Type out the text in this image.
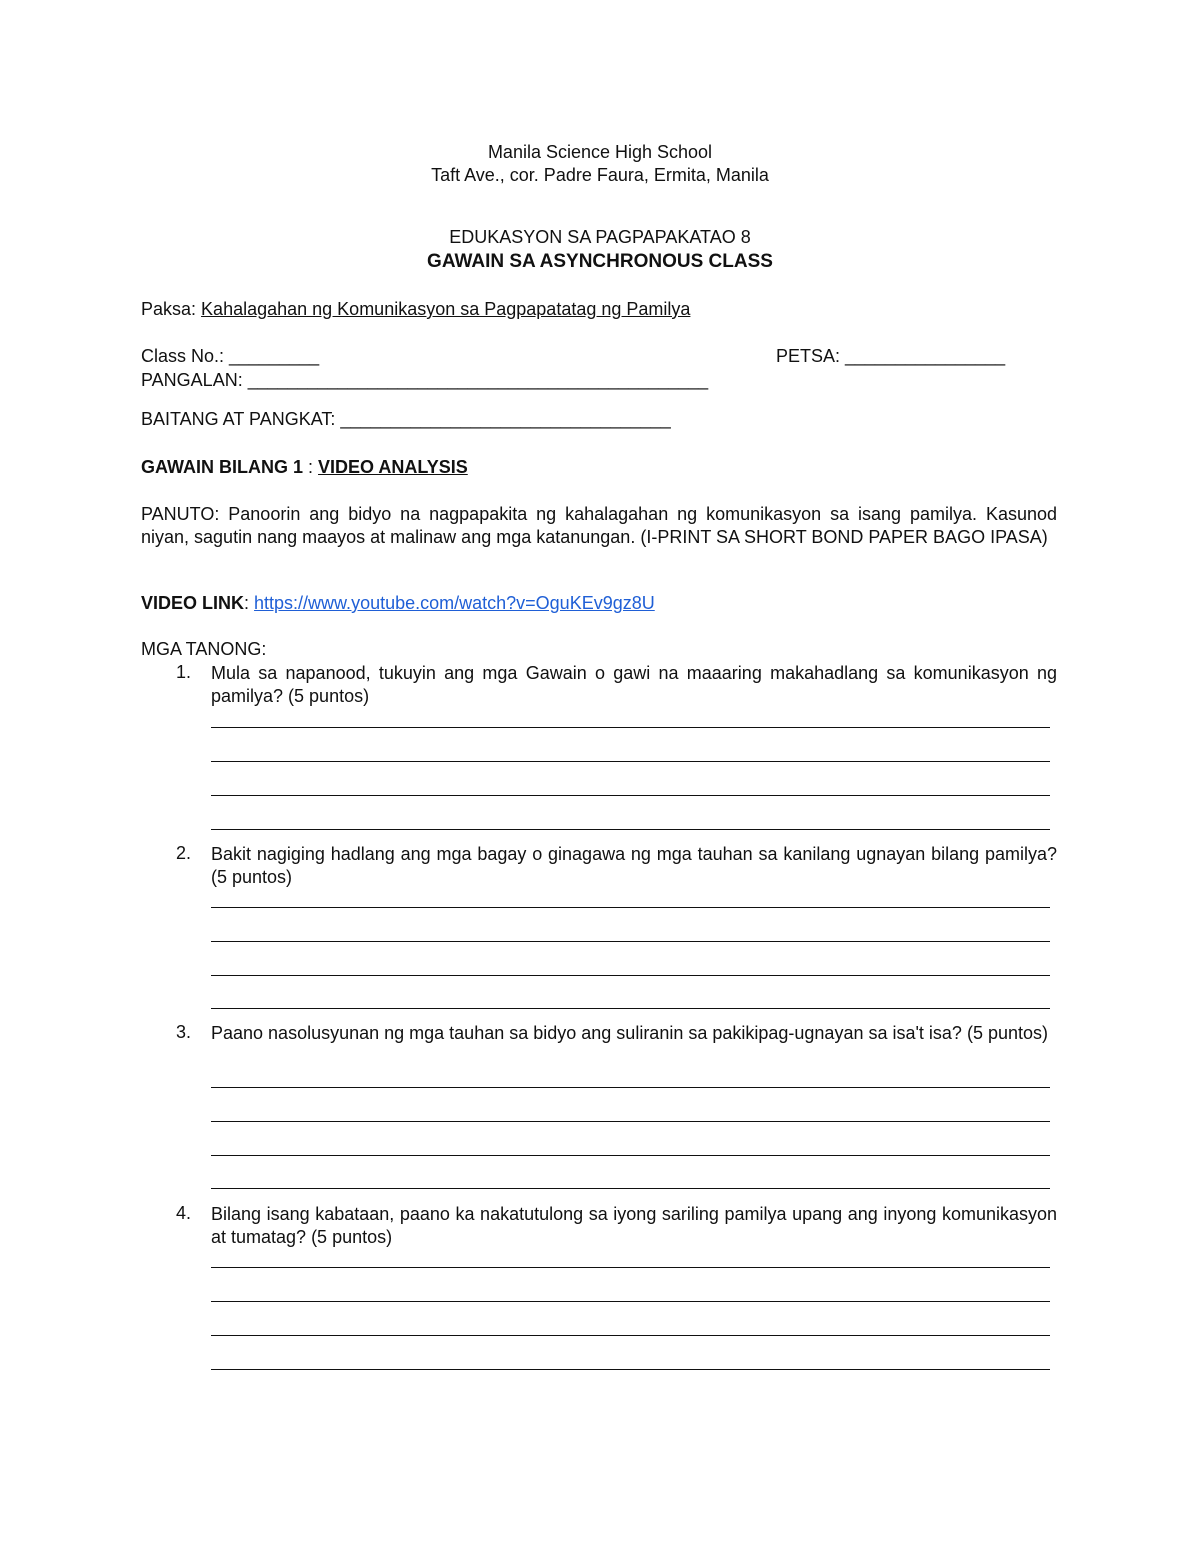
Manila Science High School
Taft Ave., cor. Padre Faura, Ermita, Manila
EDUKASYON SA PAGPAPAKATAO 8
GAWAIN SA ASYNCHRONOUS CLASS
Paksa: Kahalagahan ng Komunikasyon sa Pagpapatatag ng Pamilya
Class No.: _________	PETSA: ________________
PANGALAN: ______________________________________________
BAITANG AT PANGKAT: _________________________________
GAWAIN BILANG 1 : VIDEO ANALYSIS
PANUTO: Panoorin ang bidyo na nagpapakita ng kahalagahan ng komunikasyon sa isang pamilya. Kasunod niyan, sagutin nang maayos at malinaw ang mga katanungan. (I-PRINT SA SHORT BOND PAPER BAGO IPASA)
VIDEO LINK: https://www.youtube.com/watch?v=OguKEv9gz8U
MGA TANONG:
1. Mula sa napanood, tukuyin ang mga Gawain o gawi na maaaring makahadlang sa komunikasyon ng pamilya? (5 puntos)
2. Bakit nagiging hadlang ang mga bagay o ginagawa ng mga tauhan sa kanilang ugnayan bilang pamilya? (5 puntos)
3. Paano nasolusyunan ng mga tauhan sa bidyo ang suliranin sa pakikipag-ugnayan sa isa't isa? (5 puntos)
4. Bilang isang kabataan, paano ka nakatutulong sa iyong sariling pamilya upang ang inyong komunikasyon at tumatag? (5 puntos)
